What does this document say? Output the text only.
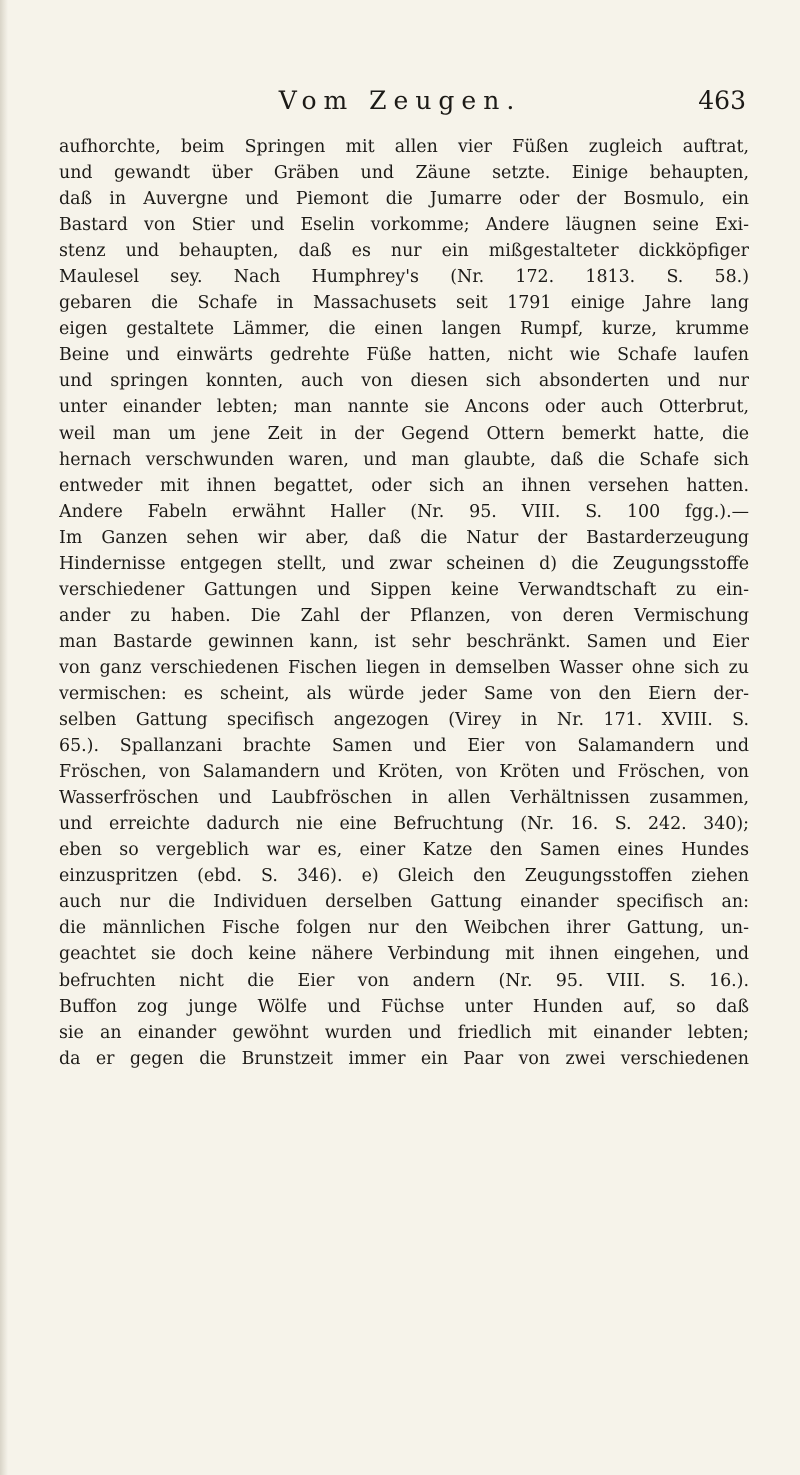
Vom Zeugen.	463
aufhorchte, beim Springen mit allen vier Füßen zugleich auftrat,
und gewandt über Gräben und Zäune setzte. Einige behaupten,
daß in Auvergne und Piemont die Jumarre oder der Bosmulo, ein
Bastard von Stier und Eselin vorkomme; Andere läugnen seine Exi-
stenz und behaupten, daß es nur ein mißgestalteter dickköpfiger
Maulesel sey. Nach Humphrey's (Nr. 172. 1813. S. 58.)
gebaren die Schafe in Massachusets seit 1791 einige Jahre lang
eigen gestaltete Lämmer, die einen langen Rumpf, kurze, krumme
Beine und einwärts gedrehte Füße hatten, nicht wie Schafe laufen
und springen konnten, auch von diesen sich absonderten und nur
unter einander lebten; man nannte sie Ancons oder auch Otterbrut,
weil man um jene Zeit in der Gegend Ottern bemerkt hatte, die
hernach verschwunden waren, und man glaubte, daß die Schafe sich
entweder mit ihnen begattet, oder sich an ihnen versehen hatten.
Andere Fabeln erwähnt Haller (Nr. 95. VIII. S. 100 fgg.).—
Im Ganzen sehen wir aber, daß die Natur der Bastarderzeugung
Hindernisse entgegen stellt, und zwar scheinen d) die Zeugungsstoffe
verschiedener Gattungen und Sippen keine Verwandtschaft zu ein-
ander zu haben. Die Zahl der Pflanzen, von deren Vermischung
man Bastarde gewinnen kann, ist sehr beschränkt. Samen und Eier
von ganz verschiedenen Fischen liegen in demselben Wasser ohne sich zu
vermischen: es scheint, als würde jeder Same von den Eiern der-
selben Gattung specifisch angezogen (Virey in Nr. 171. XVIII. S.
65.). Spallanzani brachte Samen und Eier von Salamandern und
Fröschen, von Salamandern und Kröten, von Kröten und Fröschen, von
Wasserfröschen und Laubfröschen in allen Verhältnissen zusammen,
und erreichte dadurch nie eine Befruchtung (Nr. 16. S. 242. 340);
eben so vergeblich war es, einer Katze den Samen eines Hundes
einzuspritzen (ebd. S. 346). e) Gleich den Zeugungsstoffen ziehen
auch nur die Individuen derselben Gattung einander specifisch an:
die männlichen Fische folgen nur den Weibchen ihrer Gattung, un-
geachtet sie doch keine nähere Verbindung mit ihnen eingehen, und
befruchten nicht die Eier von andern (Nr. 95. VIII. S. 16.).
Buffon zog junge Wölfe und Füchse unter Hunden auf, so daß
sie an einander gewöhnt wurden und friedlich mit einander lebten;
da er gegen die Brunstzeit immer ein Paar von zwei verschiedenen
